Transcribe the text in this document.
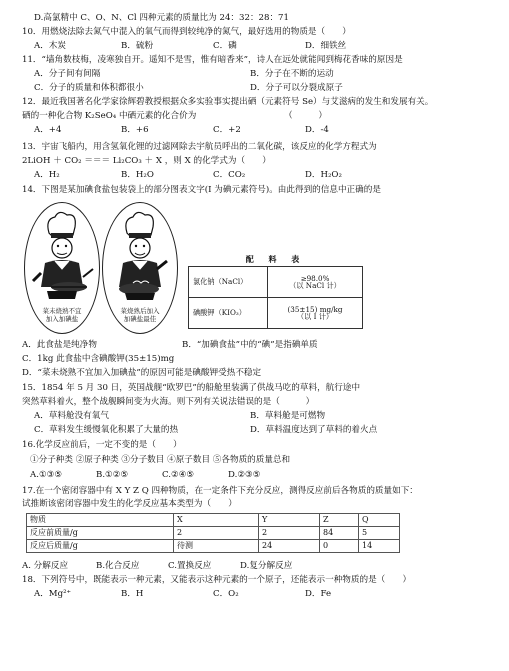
D.高氯精中 C、O、N、Cl 四种元素的质量比为 24：32：28：71
10．用燃烧法除去氮气中混入的氧气而得到较纯净的氮气，最好选用的物质是（　　）
A．木炭	B．硫粉	C．磷	D．细铁丝
11．“墙角数枝梅，凌寒独自开。遥知不是雪，惟有暗香来”，诗人在远处就能闻到梅花香味的原因是
A．分子间有间隔	B．分子在不断的运动
C．分子的质量和体积都很小	D．分子可以分裂成原子
12．最近我国著名化学家徐辉碧教授根据众多实验事实提出硒（元素符号 Se）与艾滋病的发生和发展有关。
硒的一种化合物 K₂SeO₄ 中硒元素的化合价为	（　　　）
A．+4	B．+6	C．+2	D．-4
13．宇宙飞船内，用含氢氧化锂的过滤网除去宇航员呼出的二氧化碳，该反应的化学方程式为
2LiOH ＋ CO₂ ＝＝＝ Li₂CO₃ ＋ X ，则 X 的化学式为（　　）
A．H₂	B．H₂O	C．CO₂	D．H₂O₂
14．下图是某加碘食盐包装袋上的部分图表文字(I 为碘元素符号)。由此得到的信息中正确的是
菜未烧熟不宜
加入加碘盐
菜烧熟后加入
加碘盐最佳
配 料 表
氯化钠（NaCl）	≥98.0%
（以 NaCl 计）

碘酸钾（KIO₃）	(35±15) mg/kg
（以 I 计）
A．此食盐是纯净物	B．“加碘食盐”中的“碘”是指碘单质
C．1kg 此食盐中含碘酸钾(35±15)mg
D．“菜未烧熟不宜加入加碘盐”的原因可能是碘酸钾受热不稳定
15．1854 年 5 月 30 日，英国战舰“欧罗巴”的船舱里装满了供战马吃的草料，航行途中
突然草料着火，整个战舰瞬间变为火海。则下列有关说法错误的是（　　　）
A．草料舱没有氧气	B．草料舱是可燃物
C．草料发生缓慢氧化积累了大量的热	D．草料温度达到了草料的着火点
16.化学反应前后，一定不变的是（　　）
①分子种类 ②原子种类 ③分子数目 ④原子数目 ⑤各物质的质量总和
A.①③⑤	B.①②⑤	C.②④⑤	D.②③⑤
17.在一个密闭容器中有 X Y Z Q 四种物质，在一定条件下充分反应，测得反应前后各物质的质量如下：
试推断该密闭容器中发生的化学反应基本类型为（　　）
物质	X	Y	Z	Q
反应前质量/g	2	2	84	5
反应后质量/g	待测	24	0	14
A. 分解反应	B.化合反应	C.置换反应	D.复分解反应
18．下列符号中，既能表示一种元素，又能表示这种元素的一个原子，还能表示一种物质的是（　　）
A．Mg²⁺	B．H	C．O₂	D．Fe
